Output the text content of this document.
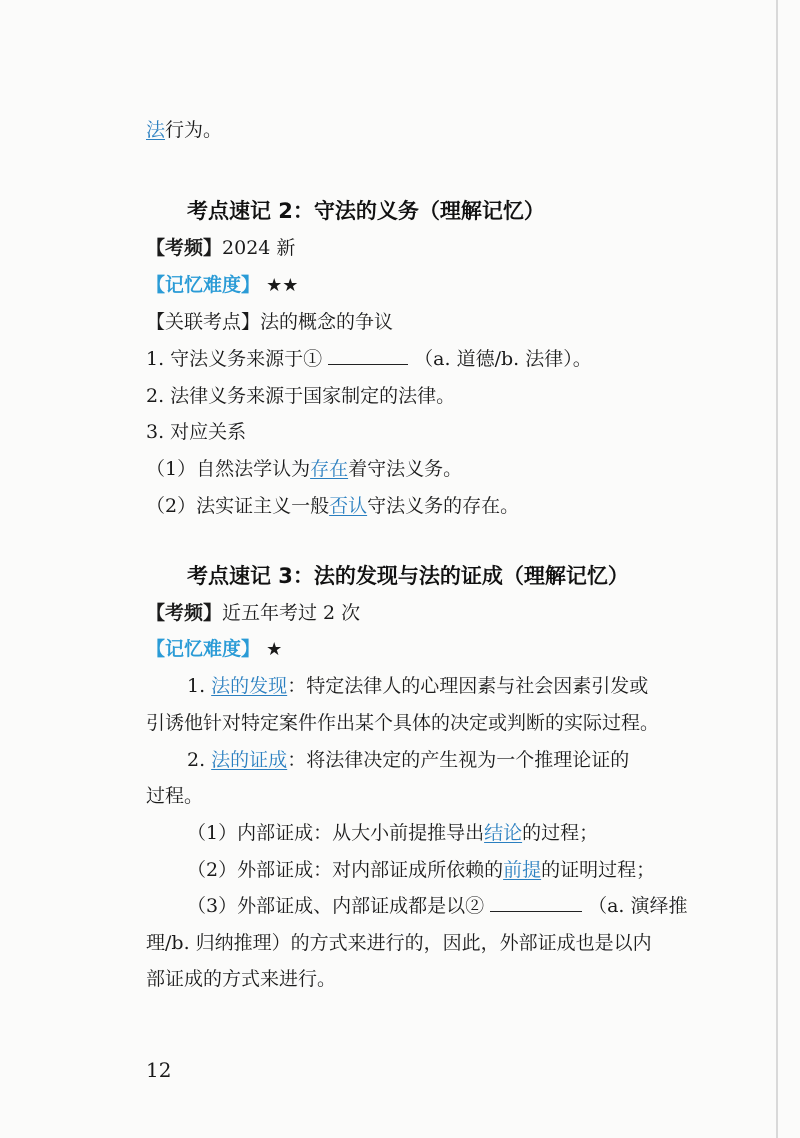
法行为。
考点速记 2：守法的义务（理解记忆）
【考频】2024 新
【记忆难度】 ★★
【关联考点】法的概念的争议
1. 守法义务来源于①	（a. 道德/b. 法律）。
2. 法律义务来源于国家制定的法律。
3. 对应关系
（1）自然法学认为存在着守法义务。
（2）法实证主义一般否认守法义务的存在。
考点速记 3：法的发现与法的证成（理解记忆）
【考频】近五年考过 2 次
【记忆难度】 ★
1. 法的发现：特定法律人的心理因素与社会因素引发或
引诱他针对特定案件作出某个具体的决定或判断的实际过程。
2. 法的证成：将法律决定的产生视为一个推理论证的
过程。
（1）内部证成：从大小前提推导出结论的过程；
（2）外部证成：对内部证成所依赖的前提的证明过程；
（3）外部证成、内部证成都是以②	（a. 演绎推
理/b. 归纳推理）的方式来进行的，因此，外部证成也是以内
部证成的方式来进行。
12
